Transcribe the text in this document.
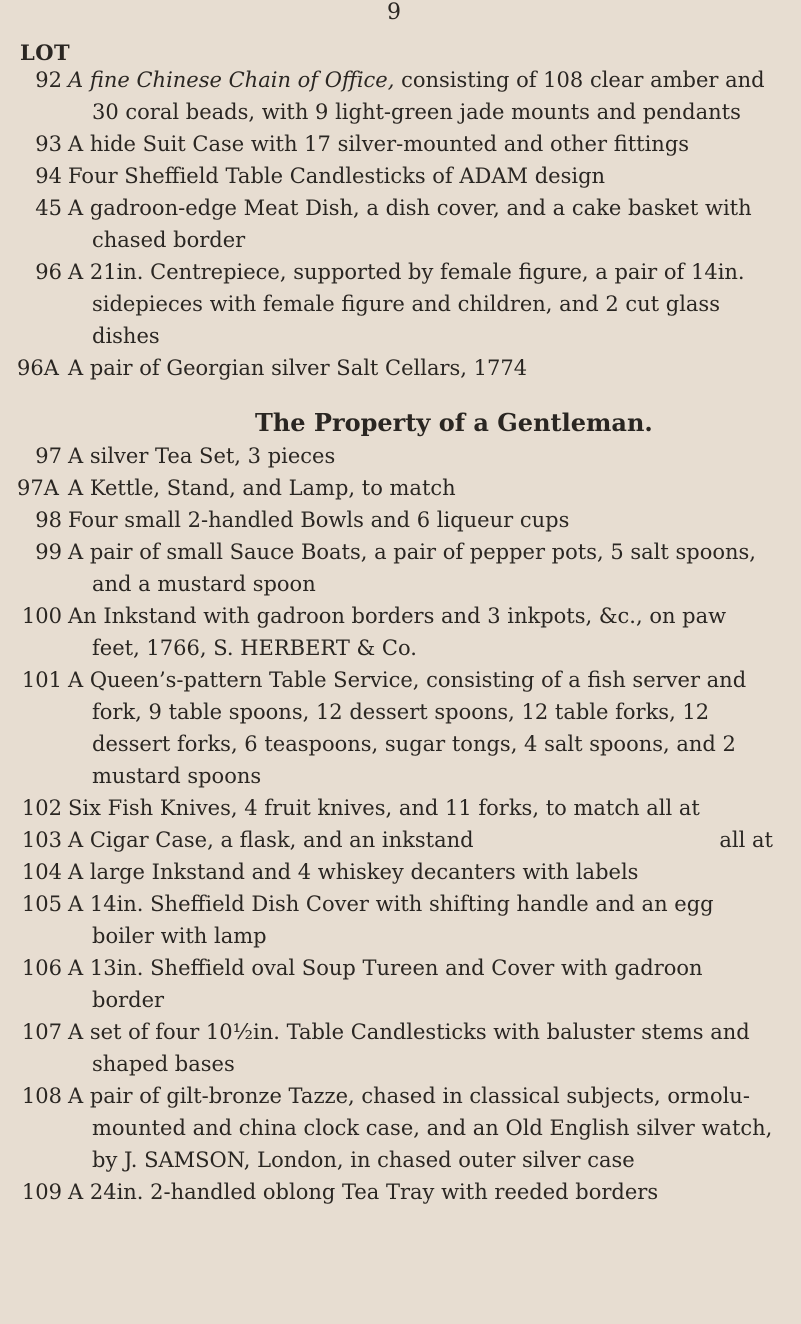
9
LOT
92 A fine Chinese Chain of Office, consisting of 108 clear amber and 30 coral beads, with 9 light-green jade mounts and pendants
93 A hide Suit Case with 17 silver-mounted and other fittings
94 Four Sheffield Table Candlesticks of ADAM design
45 A gadroon-edge Meat Dish, a dish cover, and a cake basket with chased border
96 A 21in. Centrepiece, supported by female figure, a pair of 14in. sidepieces with female figure and children, and 2 cut glass dishes
96A A pair of Georgian silver Salt Cellars, 1774
The Property of a Gentleman.
97 A silver Tea Set, 3 pieces
97A A Kettle, Stand, and Lamp, to match
98 Four small 2-handled Bowls and 6 liqueur cups
99 A pair of small Sauce Boats, a pair of pepper pots, 5 salt spoons, and a mustard spoon
100 An Inkstand with gadroon borders and 3 inkpots, &c., on paw feet, 1766, S. HERBERT & Co.
101 A Queen’s-pattern Table Service, consisting of a fish server and fork, 9 table spoons, 12 dessert spoons, 12 table forks, 12 dessert forks, 6 teaspoons, sugar tongs, 4 salt spoons, and 2 mustard spoons
102 Six Fish Knives, 4 fruit knives, and 11 forks, to match all at
103 A Cigar Case, a flask, and an inkstand	all at
104 A large Inkstand and 4 whiskey decanters with labels
105 A 14in. Sheffield Dish Cover with shifting handle and an egg boiler with lamp
106 A 13in. Sheffield oval Soup Tureen and Cover with gadroon border
107 A set of four 10½in. Table Candlesticks with baluster stems and shaped bases
108 A pair of gilt-bronze Tazze, chased in classical subjects, ormolu-mounted and china clock case, and an Old English silver watch, by J. SAMSON, London, in chased outer silver case
109 A 24in. 2-handled oblong Tea Tray with reeded borders
